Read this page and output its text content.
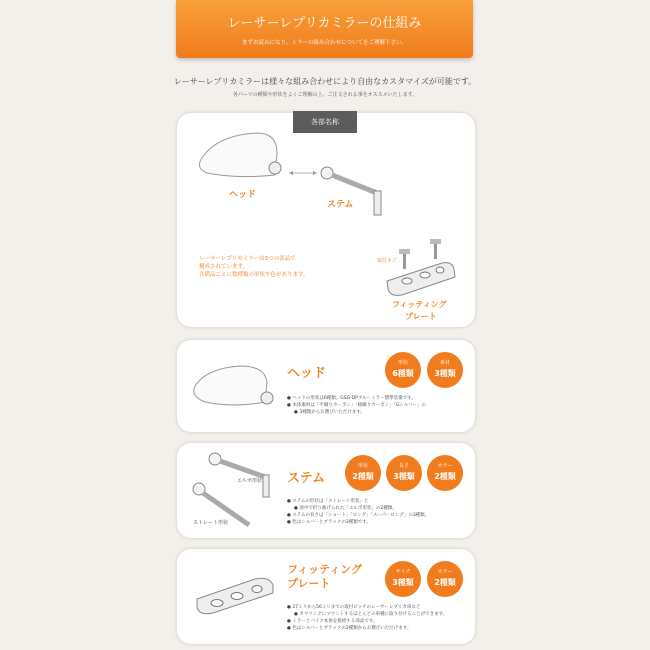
レーサーレプリカミラーの仕組み
まずお読みになり、ミラーの組み合わせについてをご理解下さい。
レーサーレプリカミラーは様々な組み合わせにより自由なカスタマイズが可能です。
各パーツの種類や形状をよくご理解の上、ご注文される事をオススメいたします。
各部名称
ヘッド
ステム
取付ネジ
フィッティング
プレート
レーサーレプリカミラーは3つの部品で
構成されています。
各備品ごとに数種類の形状や色があります。
ヘッド
形状
6種類
素材
3種類
● ヘッドの形状は6種類。GSG-DPブルーミラー標準装備です。
● 本体素材は「平織りカーボン」「綾織りカーボン」「Gシルバー」の
● 3種類からお選びいただけます。
エルボ形状
ストレート形状
ステム
形状
2種類
長さ
3種類
カラー
2種類
● ステムの形状は「ストレート形状」と
● 途中で折り曲げられた「エルボ形状」の2種類。
● ステムの長さは「ショート」「ロング」「スーパーロング」の3種類。
● 色はシルバーとブラックの2種類です。
フィッティング
プレート
サイズ
3種類
カラー
2種類
● 27ミリから56ミリまでの取付ピッチのレーサーレプリカ車など
● カウリングにマウントするほとんどの車種に取り付けることができます。
● ミラーとバイク本体を接続する部品です。
● 色はシルバーとブラックの2種類からお選びいただけます。
